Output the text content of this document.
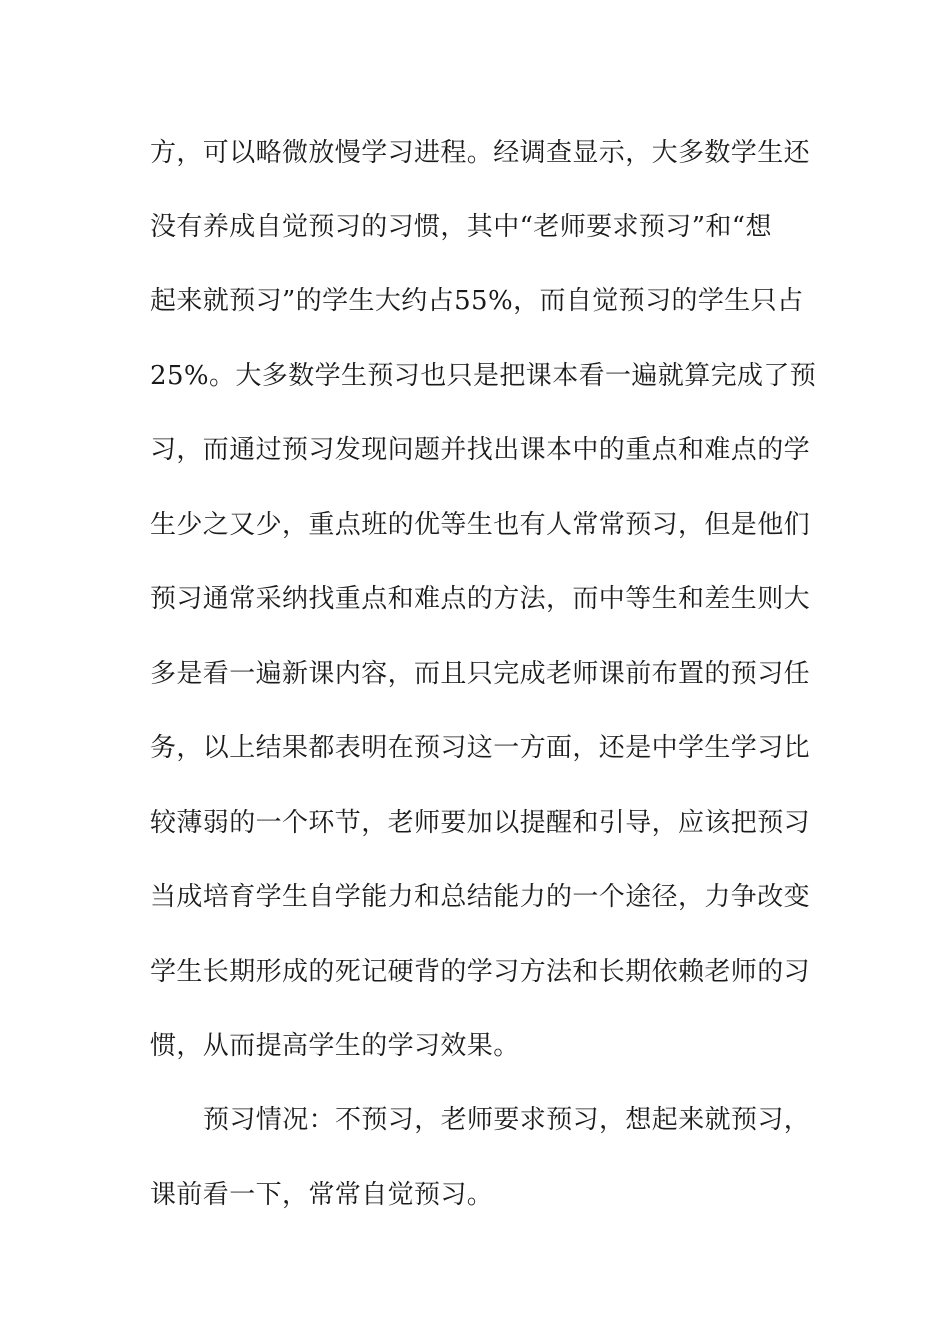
方，可以略微放慢学习进程。经调查显示，大多数学生还
没有养成自觉预习的习惯，其中“老师要求预习”和“想
起来就预习”的学生大约占55%，而自觉预习的学生只占
25%。大多数学生预习也只是把课本看一遍就算完成了预
习，而通过预习发现问题并找出课本中的重点和难点的学
生少之又少，重点班的优等生也有人常常预习，但是他们
预习通常采纳找重点和难点的方法，而中等生和差生则大
多是看一遍新课内容，而且只完成老师课前布置的预习任
务，以上结果都表明在预习这一方面，还是中学生学习比
较薄弱的一个环节，老师要加以提醒和引导，应该把预习
当成培育学生自学能力和总结能力的一个途径，力争改变
学生长期形成的死记硬背的学习方法和长期依赖老师的习
惯，从而提高学生的学习效果。
预习情况：不预习，老师要求预习，想起来就预习，
课前看一下，常常自觉预习。
